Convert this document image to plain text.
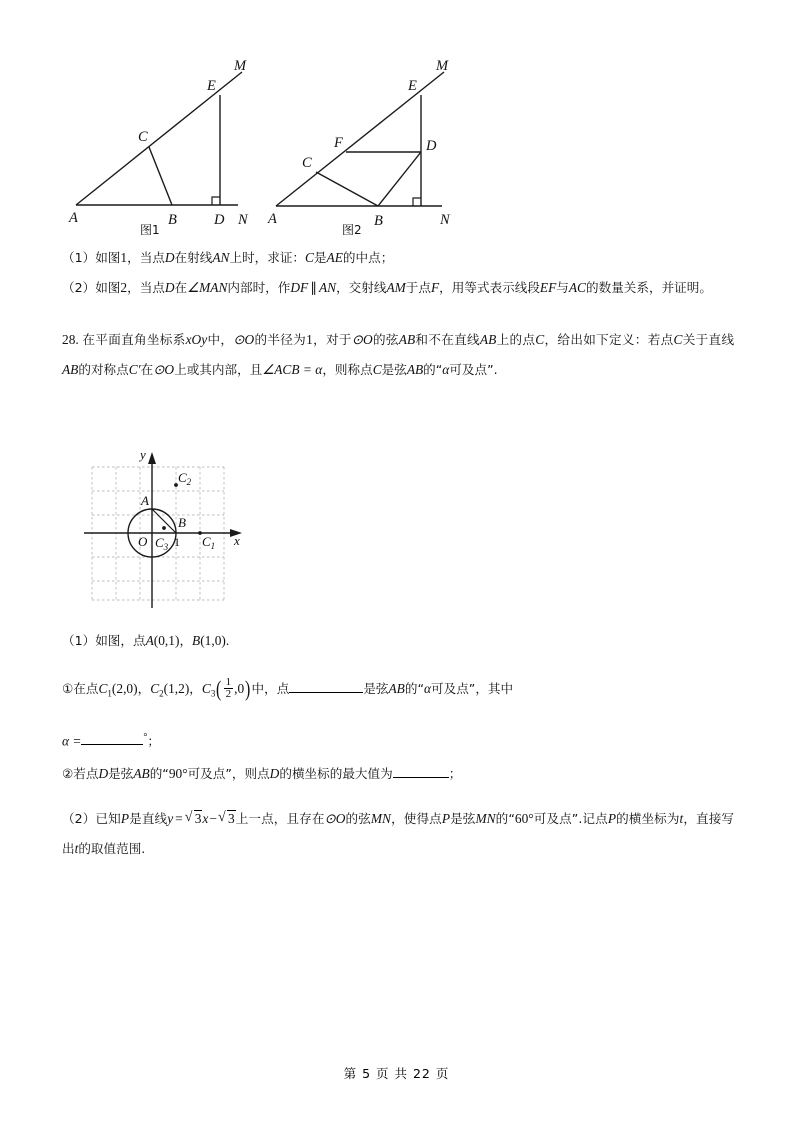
A	B
C
D N
E
M
图1
A	B
C
F	D
N
E
M
图2

（1）如图1，当点D在射线AN上时，求证：C是AE的中点；

（2）如图2，当点D在∠MAN内部时，作DF ∥ AN，交射线AM于点F，用等式表示线段EF与AC的数量关系，并证明。

28. 在平面直角坐标系xOy中，⊙O的半径为1，对于⊙O的弦AB和不在直线AB上的点C，给出如下定义：若点C关于直线AB的对称点C′在⊙O上或其内部，且∠ACB = α，则称点C是弦AB的“α可及点”.

y
x
O
A
B
1 $C_1$
$C_2$
$C_3$

（1）如图，点A(0,1)，B(1,0).

①在点$C_1(2,0)$，$C_2(1,2)$，$C_3( \frac{1}{2} ,0)$中，点	是弦AB的“α可及点”，其中

α =	°；

②若点D是弦AB的“90°可及点”，则点D的横坐标的最大值为	；

（2）已知P是直线y = √ 3x− √ 3上一点，且存在⊙O的弦MN，使得点P是弦MN的“60°可及点”.记点P的横坐标为t，直接写出t的取值范围.

第 5 页 共 22 页
